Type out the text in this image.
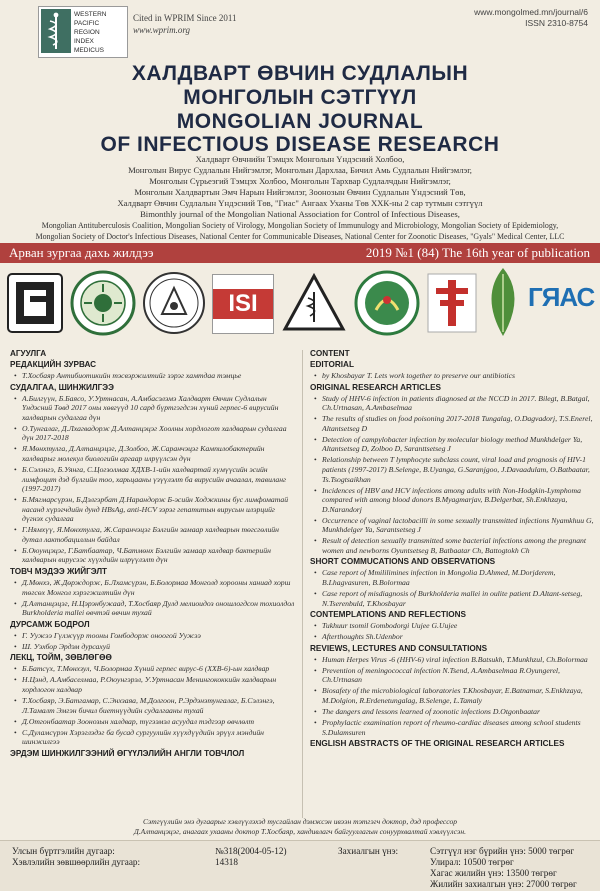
WESTERN
PACIFIC
REGION
INDEX
MEDICUS
Cited in WPRIM Since 2011
www.wprim.org
www.mongolmed.mn/journal/6
ISSN 2310-8754
ХАЛДВАРТ ӨВЧИН СУДЛАЛЫН
МОНГОЛЫН СЭТГҮҮЛ
MONGOLIAN JOURNAL
OF INFECTIOUS DISEASE RESEARCH
Халдварт Өвчнийн Тэмцэх Монголын Үндэсний Холбоо,
Монголын Вирус Судлалын Нийгэмлэг, Монголын Дархлаа, Бичил Амь Судлалын Нийгэмлэг,
Монголын Сүрьеэгий Тэмцэх Холбоо, Монголын Тархвар Судлалчдын Нийгэмлэг,
Монголын Халдвартын Эмч Нарын Нийгэмлэг, Зоонозын Өвчин Судлалын Үндэсний Төв,
Халдварт Өвчин Судлалын Үндэсний Төв, "Гиас" Ангаах Уханы Төв ХХК-ны 2 сар тутмын сэтгүүл
Bimonthly journal of the Mongolian National Association for Control of Infectious Diseases,
Mongolian Antituberculosis Coalition, Mongolian Society of Virology, Mongolian Society of Immunulogy and Microbiology, Mongolian Society of Epidemiology,
Mongolian Society of Doctor's Infectious Diseases, National Center for Communicable Diseases, National Center for Zoonotic Diseases, "Gyals" Medical Center, LLC
Арван зургаа дахь жилдээ	2019 №1 (84) The 16th year of publication
ISI	ГЯАС
АГУУЛГА
РЕДАКЦИЙН ЗУРВАС
• Т.Хосбаяр Антибиотикийн тэсвэржилтийг зэрэг хамтдаа тэмцье
СУДАЛГАА, ШИНЖИЛГЭЭ
• А.Билгүүн, Б.Баясо, У.Уртнасан, А.Амбасэлэмэ Халдварт Өвчин Судлалын Үндэсний Төвд 2017 оны хөвгүүд 10 сард бүртгэгдсэн хүний герпес-6 вирусийн халдварын судалгаа дүн
• О.Тунгалаг, Д.Лхагвадорж Д.Алтанцэцэг Хоолны хордлогот халдварын судалгаа дүн 2017-2018
• Я.Мөнхтулга, Д.Алтанцэцэг, Д.Золбоо, Ж.Саранчэцэг Кампилобактерийн халдварыг молекул биологийн аргаар илрүүлсэн дүн
• Б.Сэлэнгэ, Б.Уянга, С.Цогзолмаа ХДХВ-1-ийн халдвартай хүмүүсийн эсийн лимфоцит дэд бүлгийн тоо, харьцааны үзүүлэлт ба вирусийн ачаалал, тавиланг (1997-2017)
• Б.Мягмарсүрэн, Б.Дэлгэрбат Д.Нарандорж Б-эсийн Ходжкины бус лимфоматай насанд хүрэгчдийн дунд HBsAg, anti-HCV зэрэг гепатитын вирусын илэрцийг дүгнэх судалгаа
• Г.Нямхүү, Я.Мөнхтулга, Ж.Саранчэцэг Бэлгийн замаар халдварын төгсгөлийн дутал лактобациллын байдал
• Б.Оюунцэцэг, Г.Батбаатар, Ч.Батмөнх Бэлгийн замаар халдвар бактерийн халдварын вирусээс хүүхдийн илрүүлэлт дүн
ТОВЧ МЭДЭЭ ЖИЙГЭЛТ
• Д.Мөнхэ, Ж.Дөрждорж, Б.Лхамсүрэн, Б.Болормаа Монголд хорооны ханиад хорш төгсөх Монгол хэрэгжилтийн дүн
• Д.Алтанцэцэг, Н.Цэрэнбужаад, Т.Хосбаяр Дулд мелиоидоз оношлогдсон тохиолдол Burkholderia mallei өвчтэй өвчин тухай
ДУРСАМЖ БОДРОЛ
• Г. Уужээ Гүлжүүр тооны Гомбодорж оноогой Уужээ
• Ш. Уэхбор Эрдэм дурсахуй
ЛЕКЦ, ТОЙМ, ЗӨВЛӨГӨӨ
• Б.Батсүх, Т.Мөнхзул, Ч.Болормаа Хүний герпес вирус-6 (ХХВ-6)-ын халдвар
• Н.Цэнд, А.Амбаселмаа, Р.Оюунгэрэл, У.Уртнасан Менингококкийн халдварын хордлогон халдвар
• Т.Хосбаяр, Э.Батгамар, С.Энхзаяа, М.Долгоон, Р.Эрдэнэтунгалаг, Б.Сэлэнгэ, Л.Тамалт Эмгэн бичил биетнүүдийн судалгааны тухай
• Д.Отгонбаатар Зоонозын халдвар, түгээмэл асуудал тэдгээр өвчлөлт
• С.Дуламсүрэн Хэрэглэдэг ба бусад сургуулийн хүүхдүүдийн эрүүл мэндийн шинжилгээ
ЭРДЭМ ШИНЖИЛГЭЭНИЙ ӨГҮҮЛЭЛИЙН АНГЛИ ТОВЧЛОЛ
CONTENT
EDITORIAL
• by Khosbayar T. Lets work together to preserve our antibiotics
ORIGINAL RESEARCH ARTICLES
• Study of HHV-6 infection in patients diagnosed at the NCCD in 2017. Bilegt, B.Batgal, Ch.Urtnasan, A.Ambaselmaa
• The results of studies on food poisoning 2017-2018 Tungalag, O.Dagvadorj, T.S.Enerel, Altantsetseg D
• Detection of campylobacter infection by molecular biology method Munkhdelger Ya, Altantsetseg D, Zolboo D, Saranttsetseg J
• Relationship between T lymphocyte subclass count, viral load and prognosis of HIV-1 patients (1997-2017) B.Selenge, B.Uyanga, G.Saranjgoo, J.Davaadulam, O.Batbaatar, Ts.Tsogtsaikhan
• Incidences of HBV and HCV infections among adults with Non-Hodgkin-Lymphoma compared with among blood donors B.Myagmarjav, B.Delgerbat, Sh.Enkhzaya, D.Narandorj
• Occurrence of vaginal lactobacilli in some sexually transmitted infections Nyamkhuu G, Munkhdelger Ya, Sarantsetseg J
• Result of detection sexually transmitted some bacterial infections among the pregnant women and newborns Oyuntsetseg B, Batbaatar Ch, Battogtokh Ch
SHORT COMMUCATIONS AND OBSERVATIONS
• Case report of Mmililimines infection in Mongolia D.Ahmed, M.Dorjderem, B.Lhagvasuren, B.Bolormaa
• Case report of misdiagnosis of Burkholderia mallei in oulite patient D.Altant-setseg, N.Tserenbuld, T.Khosbayar
CONTEMPLATIONS AND REFLECTIONS
• Tukhuur tsomil Gombodorgi Uujee G.Uujee
• Afterthoughts Sh.Udenbor
REVIEWS, LECTURES AND CONSULTATIONS
• Human Herpes Virus -6 (HHV-6) viral infection B.Batsukh, T.Munkhzul, Ch.Bolormaa
• Prevention of meningococcal infection N.Tsend, A.Ambaselmaa R.Oyungerel, Ch.Urtnasan
• Biosafety of the microbiological laboratories T.Khosbayar, E.Batnamar, S.Enkhzaya, M.Dolgion, R.Erdenetungalag, B.Selenge, L.Tamaly
• The dangers and lessons learned of zoonotic infections D.Otgonbaatar
• Prophylactic examination report of rheumo-cardiac diseases among school students S.Dulamsuren
ENGLISH ABSTRACTS OF THE ORIGINAL RESEARCH ARTICLES
Сэтгүүлийн энэ дугаарыг хэвлүүлэхэд тусгайлан дэмжсэн ивээн тэтгэгч доктор, дэд профессор
Д.Алтанцэцэг, анагаах ухааны доктор Т.Хосбаяр, хандивлагч байгууллагын сонуурхвалтай хэвлүүлсэн.
Улсын бүртгэлийн дугаар:	№318(2004-05-12)
Хэвлэлийн зөвшөөрлийн дугаар:	14318
Захиалгын үнэ:	Сэтгүүл нэг бүрийн үнэ: 5000 төгрөг
Улирал: 10500 төгрөг
Хагас жилийн үнэ: 13500 төгрөг
Жилийн захиалгын үнэ: 27000 төгрөг
